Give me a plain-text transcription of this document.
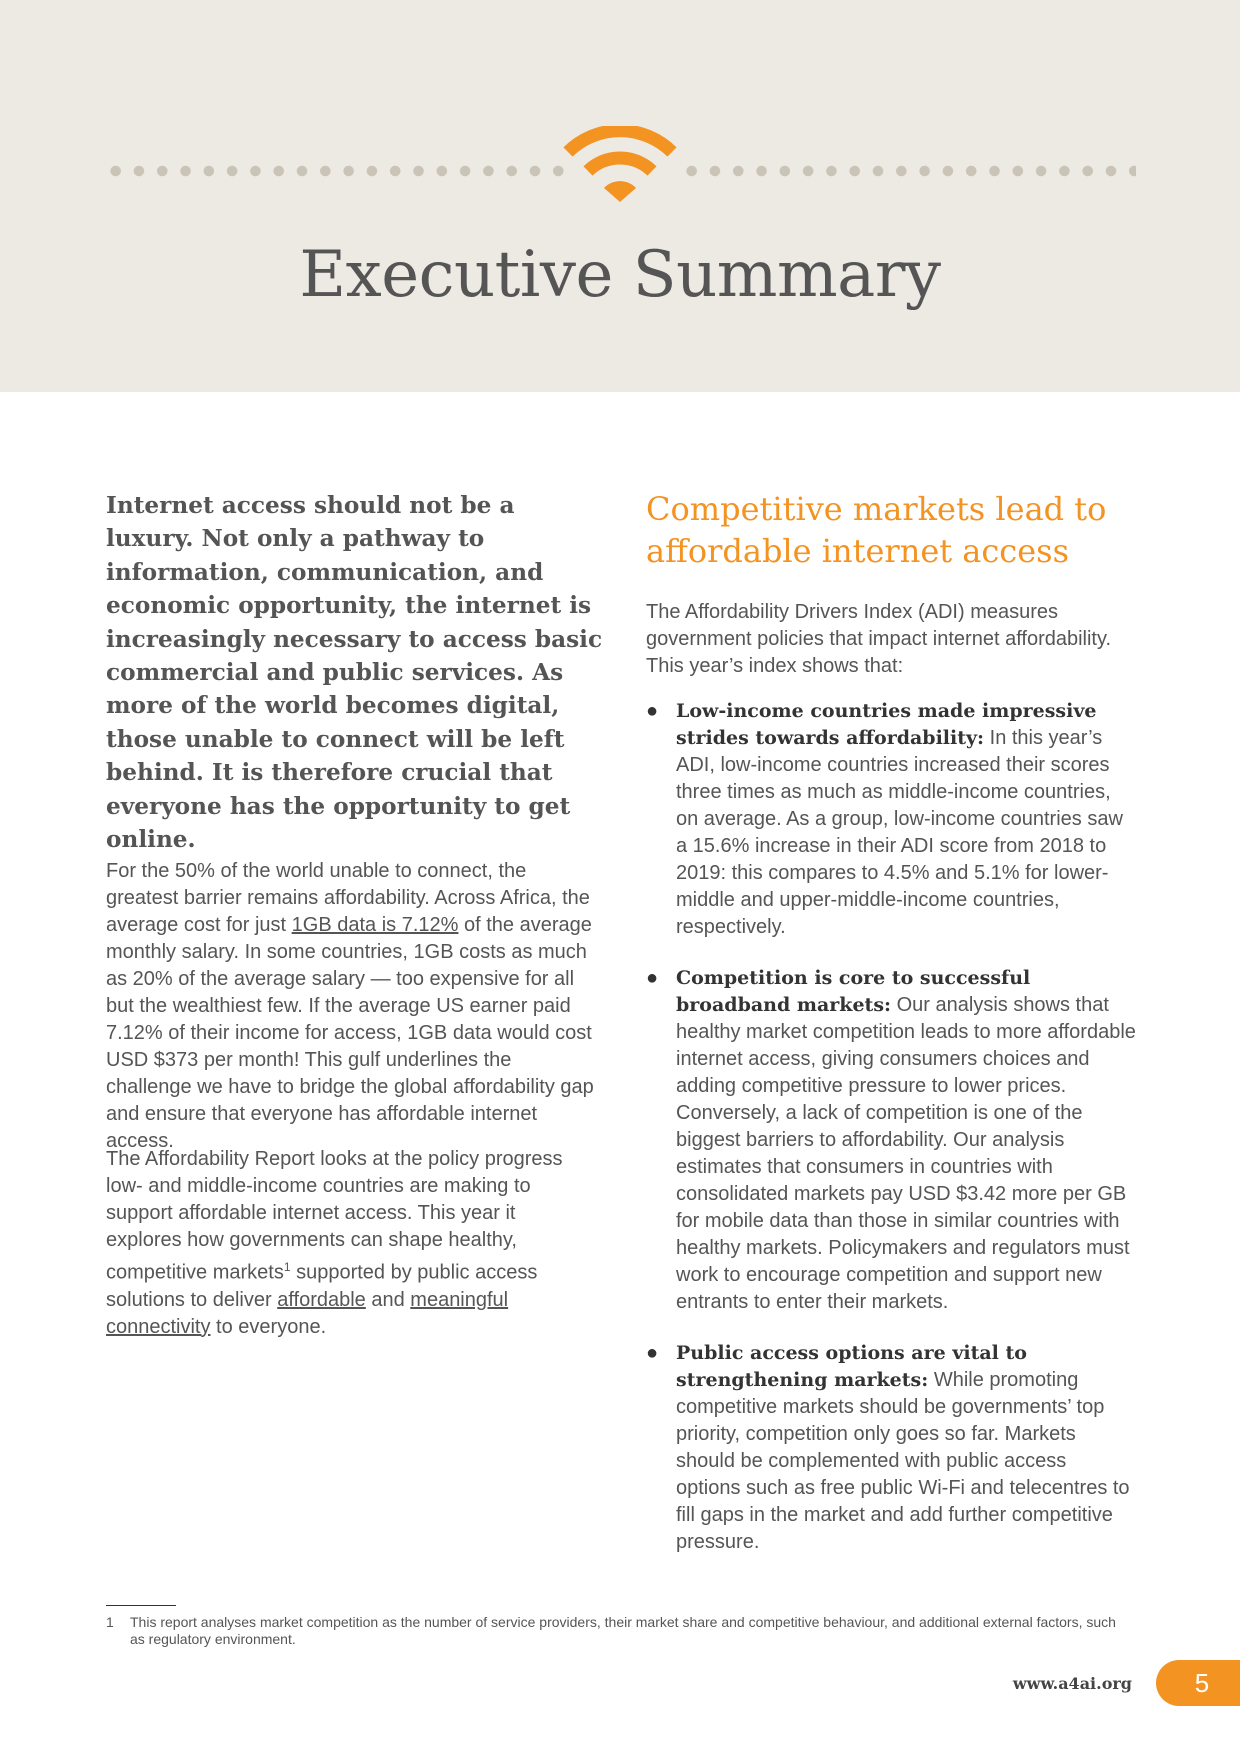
Executive Summary

Internet access should not be a luxury. Not only a pathway to information, communication, and economic opportunity, the internet is increasingly necessary to access basic commercial and public services. As more of the world becomes digital, those unable to connect will be left behind. It is therefore crucial that everyone has the opportunity to get online.

For the 50% of the world unable to connect, the greatest barrier remains affordability. Across Africa, the average cost for just 1GB data is 7.12% of the average monthly salary. In some countries, 1GB costs as much as 20% of the average salary — too expensive for all but the wealthiest few. If the average US earner paid 7.12% of their income for access, 1GB data would cost USD $373 per month! This gulf underlines the challenge we have to bridge the global affordability gap and ensure that everyone has affordable internet access.

The Affordability Report looks at the policy progress low- and middle-income countries are making to support affordable internet access. This year it explores how governments can shape healthy, competitive markets$^1$ supported by public access solutions to deliver affordable and meaningful connectivity to everyone.

Competitive markets lead to affordable internet access

The Affordability Drivers Index (ADI) measures government policies that impact internet affordability. This year’s index shows that:

● Low-income countries made impressive strides towards affordability: In this year’s ADI, low-income countries increased their scores three times as much as middle-income countries, on average. As a group, low-income countries saw a 15.6% increase in their ADI score from 2018 to 2019: this compares to 4.5% and 5.1% for lower-middle and upper-middle-income countries, respectively.
● Competition is core to successful broadband markets: Our analysis shows that healthy market competition leads to more affordable internet access, giving consumers choices and adding competitive pressure to lower prices. Conversely, a lack of competition is one of the biggest barriers to affordability. Our analysis estimates that consumers in countries with consolidated markets pay USD $3.42 more per GB for mobile data than those in similar countries with healthy markets. Policymakers and regulators must work to encourage competition and support new entrants to enter their markets.
● Public access options are vital to strengthening markets: While promoting competitive markets should be governments’ top priority, competition only goes so far. Markets should be complemented with public access options such as free public Wi-Fi and telecentres to fill gaps in the market and add further competitive pressure.

1 This report analyses market competition as the number of service providers, their market share and competitive behaviour, and additional external factors, such as regulatory environment.

www.a4ai.org	5
